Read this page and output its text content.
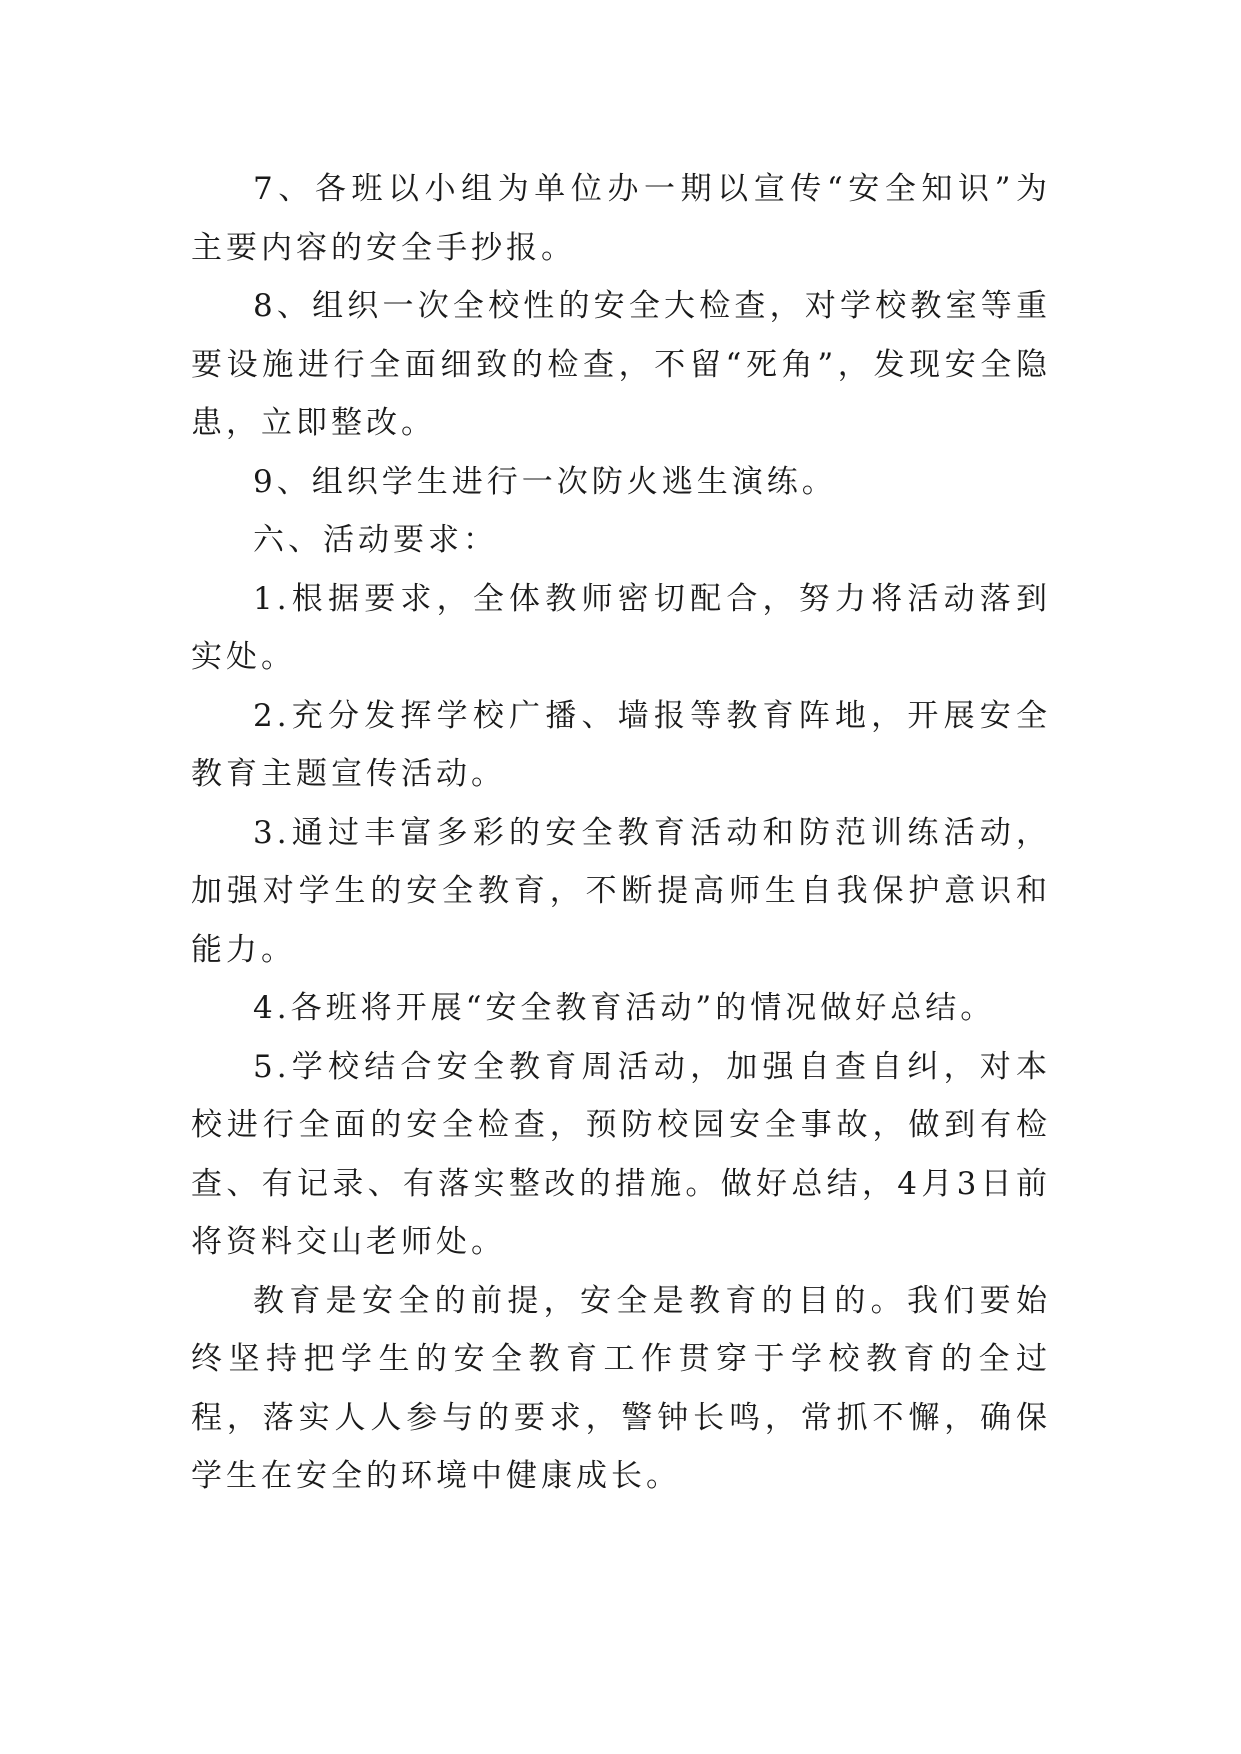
7、各班以小组为单位办一期以宣传“安全知识”为主要内容的安全手抄报。

8、组织一次全校性的安全大检查，对学校教室等重要设施进行全面细致的检查，不留“死角”，发现安全隐患，立即整改。

9、组织学生进行一次防火逃生演练。

六、活动要求：

1.根据要求，全体教师密切配合，努力将活动落到实处。

2.充分发挥学校广播、墙报等教育阵地，开展安全教育主题宣传活动。

3.通过丰富多彩的安全教育活动和防范训练活动，加强对学生的安全教育，不断提高师生自我保护意识和能力。

4.各班将开展“安全教育活动”的情况做好总结。

5.学校结合安全教育周活动，加强自查自纠，对本校进行全面的安全检查，预防校园安全事故，做到有检查、有记录、有落实整改的措施。做好总结，4月3日前将资料交山老师处。

教育是安全的前提，安全是教育的目的。我们要始终坚持把学生的安全教育工作贯穿于学校教育的全过程，落实人人参与的要求，警钟长鸣，常抓不懈，确保学生在安全的环境中健康成长。
